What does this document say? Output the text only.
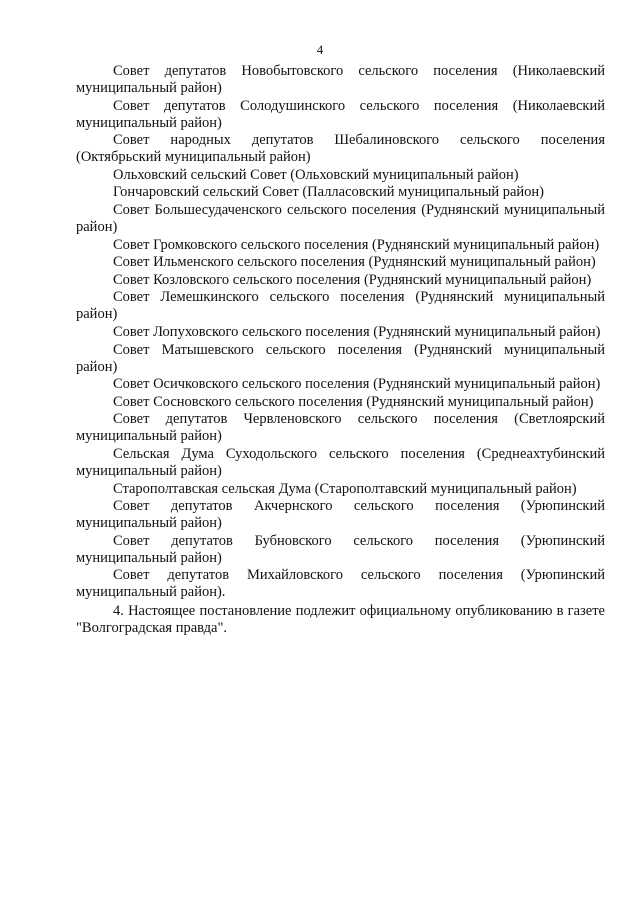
4

Совет депутатов Новобытовского сельского поселения (Николаевский муниципальный район)

Совет депутатов Солодушинского сельского поселения (Николаевский муниципальный район)

Совет народных депутатов Шебалиновского сельского поселения (Октябрьский муниципальный район)

Ольховский сельский Совет (Ольховский муниципальный район)

Гончаровский сельский Совет (Палласовский муниципальный район)

Совет Большесудаченского сельского поселения (Руднянский муниципальный район)

Совет Громковского сельского поселения (Руднянский муниципальный район)

Совет Ильменского сельского поселения (Руднянский муниципальный район)

Совет Козловского сельского поселения (Руднянский муниципальный район)

Совет Лемешкинского сельского поселения (Руднянский муниципальный район)

Совет Лопуховского сельского поселения (Руднянский муниципальный район)

Совет Матышевского сельского поселения (Руднянский муниципальный район)

Совет Осичковского сельского поселения (Руднянский муниципальный район)

Совет Сосновского сельского поселения (Руднянский муниципальный район)

Совет депутатов Червленовского сельского поселения (Светлоярский муниципальный район)

Сельская Дума Суходольского сельского поселения (Среднеахтубинский муниципальный район)

Старополтавская сельская Дума (Старополтавский муниципальный район)

Совет депутатов Акчернского сельского поселения (Урюпинский муниципальный район)

Совет депутатов Бубновского сельского поселения (Урюпинский муниципальный район)

Совет депутатов Михайловского сельского поселения (Урюпинский муниципальный район).

4. Настоящее постановление подлежит официальному опубликованию в газете "Волгоградская правда".
